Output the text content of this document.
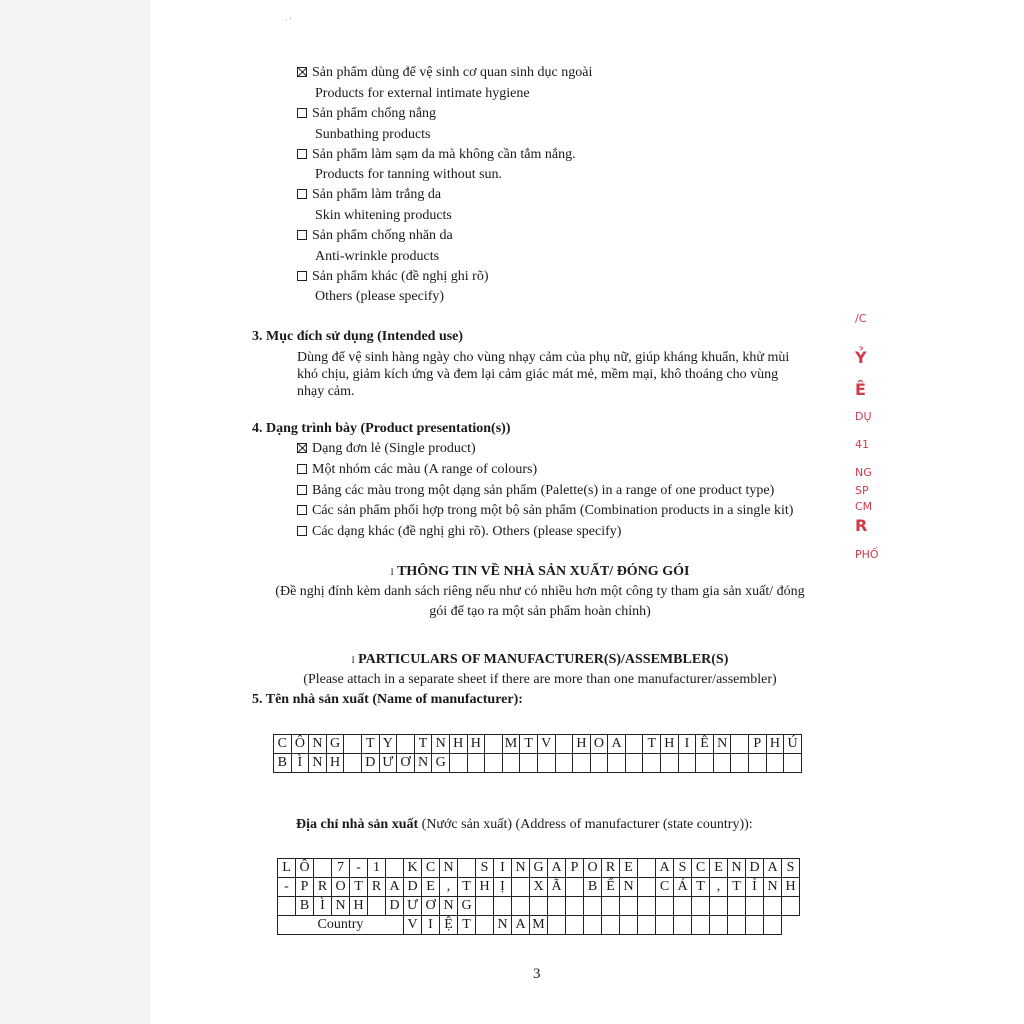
· '
Sản phẩm dùng để vệ sinh cơ quan sinh dục ngoài
Products for external intimate hygiene
Sản phẩm chống nắng
Sunbathing products
Sản phẩm làm sạm da mà không cần tắm nắng.
Products for tanning without sun.
Sản phẩm làm trắng da
Skin whitening products
Sản phẩm chống nhăn da
Anti-wrinkle products
Sản phẩm khác (đề nghị ghi rõ)
Others (please specify)
3. Mục đích sử dụng (Intended use)
Dùng để vệ sinh hàng ngày cho vùng nhạy cảm của phụ nữ, giúp kháng khuẩn, khử mùi
khó chịu, giảm kích ứng và đem lại cảm giác mát mẻ, mềm mại, khô thoáng cho vùng
nhạy cảm.
4. Dạng trình bày (Product presentation(s))
Dạng đơn lẻ (Single product)
Một nhóm các màu (A range of colours)
Bảng các màu trong một dạng sản phẩm (Palette(s) in a range of one product type)
Các sản phẩm phối hợp trong một bộ sản phẩm (Combination products in a single kit)
Các dạng khác (đề nghị ghi rõ). Others (please specify)
I THÔNG TIN VỀ NHÀ SẢN XUẤT/ ĐÓNG GÓI
(Đề nghị đính kèm danh sách riêng nếu như có nhiều hơn một công ty tham gia sản xuất/ đóng
gói để tạo ra một sản phẩm hoàn chỉnh)
I PARTICULARS OF MANUFACTURER(S)/ASSEMBLER(S)
(Please attach in a separate sheet if there are more than one manufacturer/assembler)
5. Tên nhà sản xuất (Name of manufacturer):
C	Ô	N	G		T	Y		T	N	H	H		M	T	V		H	O	A		T	H	I	Ê	N		P	H	Ú
B	Ì	N	H		D	Ư	Ơ	N	G																				
Địa chỉ nhà sản xuất (Nước sản xuất) (Address of manufacturer (state country)):
L	Ô		7	-	1		K	C	N		S	I	N	G	A	P	O	R	E		A	S	C	E	N	D	A	S
-	P	R	O	T	R	A	D	E	,	T	H	Ị		X	Ã		B	Ế	N		C	Á	T	,	T	Ỉ	N	H
	B	Ì	N	H		D	Ư	Ơ	N	G																		
Country							V	I	Ệ	T		N	A	M														
/C
Ỷ
Ê
DỤ
41
NG
SP
CM
R
PHỐ
3
